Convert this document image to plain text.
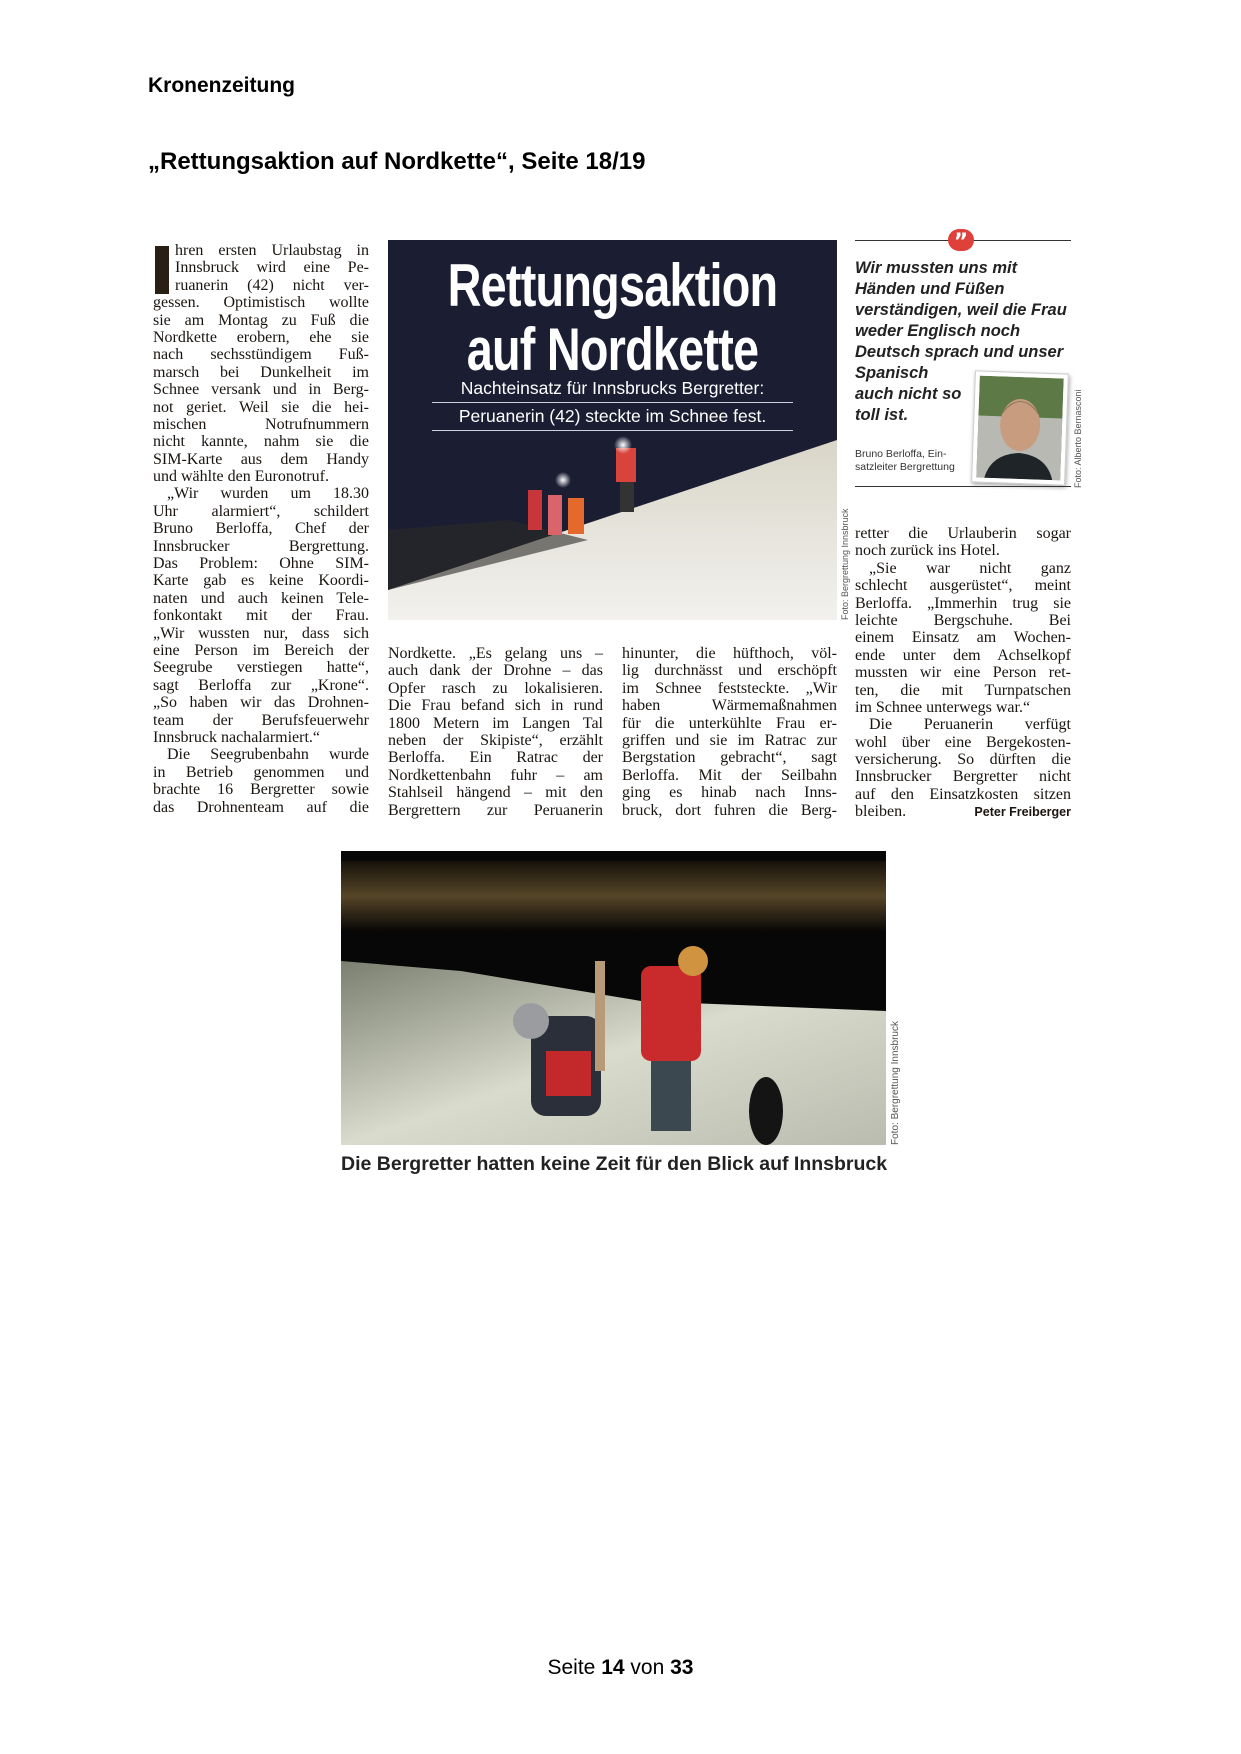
Kronenzeitung
„Rettungsaktion auf Nordkette“, Seite 18/19
hren ersten Urlaubstag in
Innsbruck wird eine Pe-
ruanerin (42) nicht ver-
gessen. Optimistisch wollte
sie am Montag zu Fuß die
Nordkette erobern, ehe sie
nach sechsstündigem Fuß-
marsch bei Dunkelheit im
Schnee versank und in Berg-
not geriet. Weil sie die hei-
mischen Notrufnummern
nicht kannte, nahm sie die
SIM-Karte aus dem Handy
und wählte den Euronotruf.
„Wir wurden um 18.30
Uhr alarmiert“, schildert
Bruno Berloffa, Chef der
Innsbrucker Bergrettung.
Das Problem: Ohne SIM-
Karte gab es keine Koordi-
naten und auch keinen Tele-
fonkontakt mit der Frau.
„Wir wussten nur, dass sich
eine Person im Bereich der
Seegrube verstiegen hatte“,
sagt Berloffa zur „Krone“.
„So haben wir das Drohnen-
team der Berufsfeuerwehr
Innsbruck nachalarmiert.“
Die Seegrubenbahn wurde
in Betrieb genommen und
brachte 16 Bergretter sowie
das Drohnenteam auf die
Rettungsaktion
auf Nordkette
Nachteinsatz für Innsbrucks Bergretter:
Peruanerin (42) steckte im Schnee fest.
Foto: Bergrettung Innsbruck
”
Wir mussten uns mit Händen und Füßen verständigen, weil die Frau weder Englisch noch Deutsch sprach und unser Spanisch auch nicht so toll ist.
Bruno Berloffa, Ein-satzleiter Bergrettung	Foto: Alberto Bernasconi
Nordkette. „Es gelang uns –
auch dank der Drohne – das
Opfer rasch zu lokalisieren.
Die Frau befand sich in rund
1800 Metern im Langen Tal
neben der Skipiste“, erzählt
Berloffa. Ein Ratrac der
Nordkettenbahn fuhr – am
Stahlseil hängend – mit den
Bergrettern zur Peruanerin
hinunter, die hüfthoch, völ-
lig durchnässt und erschöpft
im Schnee feststeckte. „Wir
haben Wärmemaßnahmen
für die unterkühlte Frau er-
griffen und sie im Ratrac zur
Bergstation gebracht“, sagt
Berloffa. Mit der Seilbahn
ging es hinab nach Inns-
bruck, dort fuhren die Berg-
retter die Urlauberin sogar
noch zurück ins Hotel.
„Sie war nicht ganz
schlecht ausgerüstet“, meint
Berloffa. „Immerhin trug sie
leichte Bergschuhe. Bei
einem Einsatz am Wochen-
ende unter dem Achselkopf
mussten wir eine Person ret-
ten, die mit Turnpatschen
im Schnee unterwegs war.“
Die Peruanerin verfügt
wohl über eine Bergekosten-
versicherung. So dürften die
Innsbrucker Bergretter nicht
auf den Einsatzkosten sitzen
bleiben.	Peter Freiberger
Foto: Bergrettung Innsbruck
Die Bergretter hatten keine Zeit für den Blick auf Innsbruck
Seite 14 von 33
